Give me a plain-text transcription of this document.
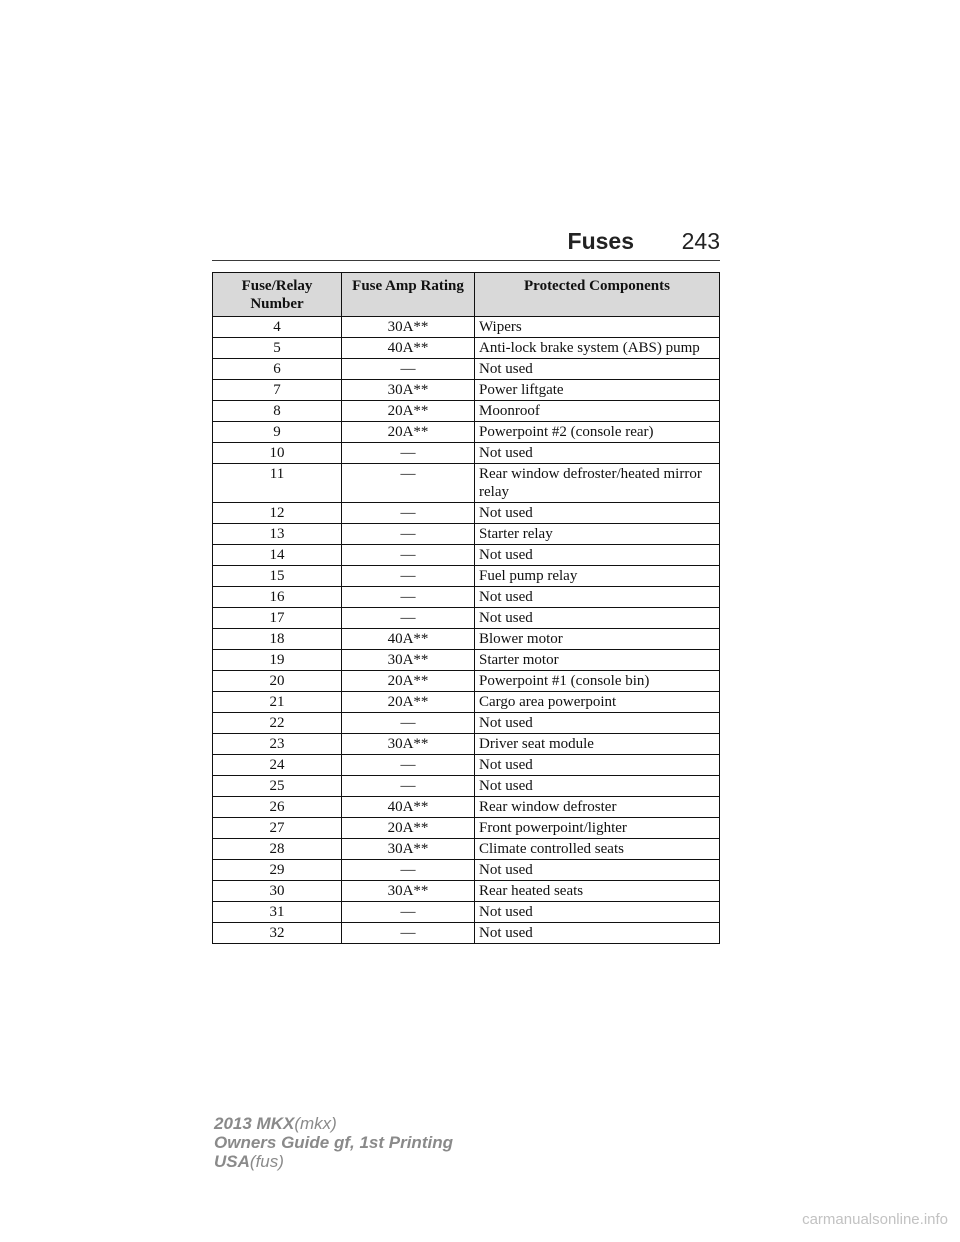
Fuses 243
Fuse/Relay Number	Fuse Amp Rating	Protected Components
4	30A**	Wipers
5	40A**	Anti-lock brake system (ABS) pump
6	—	Not used
7	30A**	Power liftgate
8	20A**	Moonroof
9	20A**	Powerpoint #2 (console rear)
10	—	Not used
11	—	Rear window defroster/heated mirror relay
12	—	Not used
13	—	Starter relay
14	—	Not used
15	—	Fuel pump relay
16	—	Not used
17	—	Not used
18	40A**	Blower motor
19	30A**	Starter motor
20	20A**	Powerpoint #1 (console bin)
21	20A**	Cargo area powerpoint
22	—	Not used
23	30A**	Driver seat module
24	—	Not used
25	—	Not used
26	40A**	Rear window defroster
27	20A**	Front powerpoint/lighter
28	30A**	Climate controlled seats
29	—	Not used
30	30A**	Rear heated seats
31	—	Not used
32	—	Not used
2013 MKX(mkx)
Owners Guide gf, 1st Printing
USA(fus)
carmanualsonline.info
